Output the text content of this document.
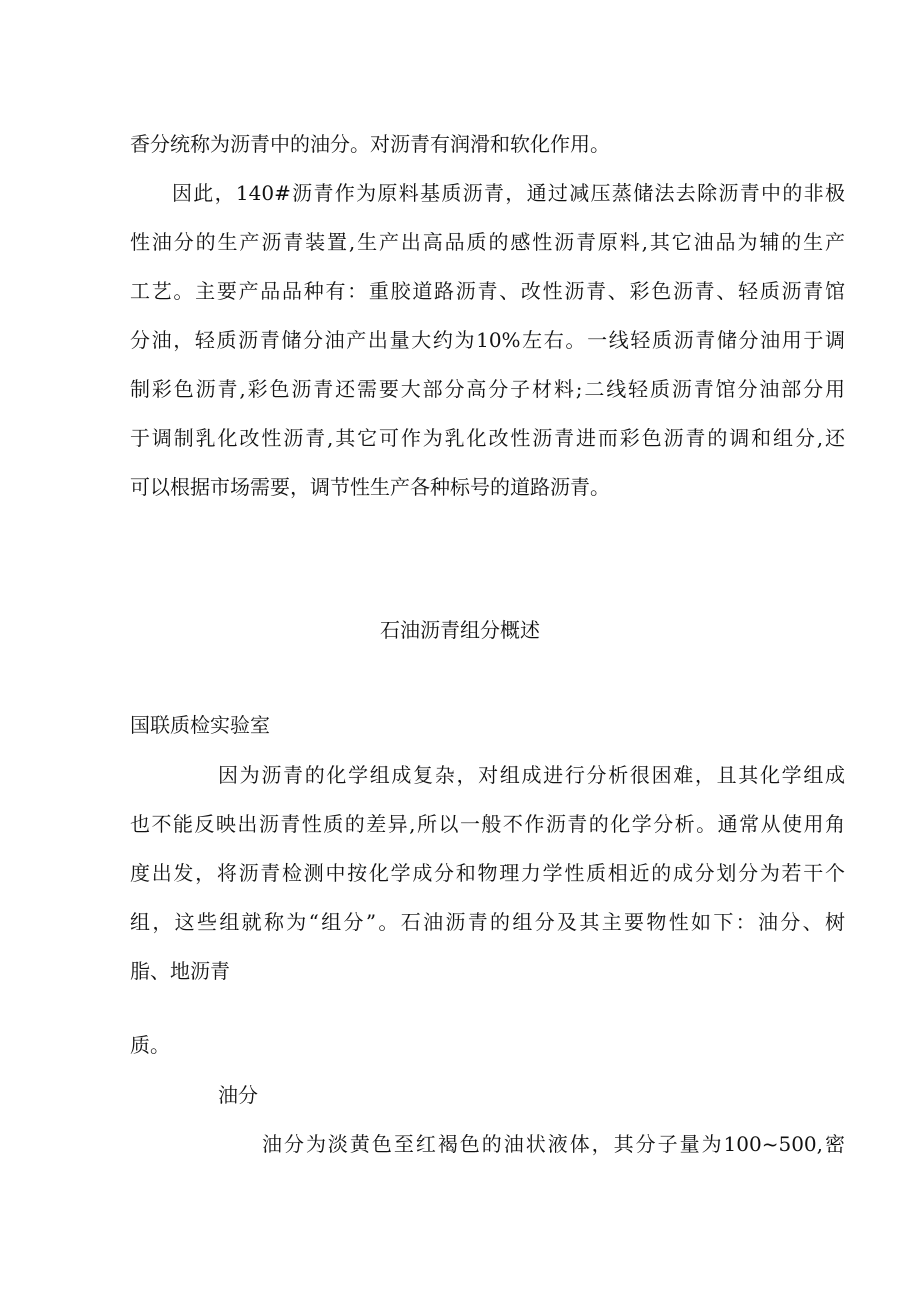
香分统称为沥青中的油分。对沥青有润滑和软化作用。
因此，140#沥青作为原料基质沥青，通过减压蒸储法去除沥青中的非极
性油分的生产沥青装置,生产出高品质的感性沥青原料,其它油品为辅的生产
工艺。主要产品品种有：重胶道路沥青、改性沥青、彩色沥青、轻质沥青馆
分油，轻质沥青储分油产出量大约为10%左右。一线轻质沥青储分油用于调
制彩色沥青,彩色沥青还需要大部分高分子材料;二线轻质沥青馆分油部分用
于调制乳化改性沥青,其它可作为乳化改性沥青进而彩色沥青的调和组分,还
可以根据市场需要，调节性生产各种标号的道路沥青。
石油沥青组分概述
国联质检实验室
因为沥青的化学组成复杂，对组成进行分析很困难，且其化学组成
也不能反映出沥青性质的差异,所以一般不作沥青的化学分析。通常从使用角
度出发，将沥青检测中按化学成分和物理力学性质相近的成分划分为若干个
组，这些组就称为“组分”。石油沥青的组分及其主要物性如下：油分、树
脂、地沥青
质。
油分
油分为淡黄色至红褐色的油状液体，其分子量为100~500,密
